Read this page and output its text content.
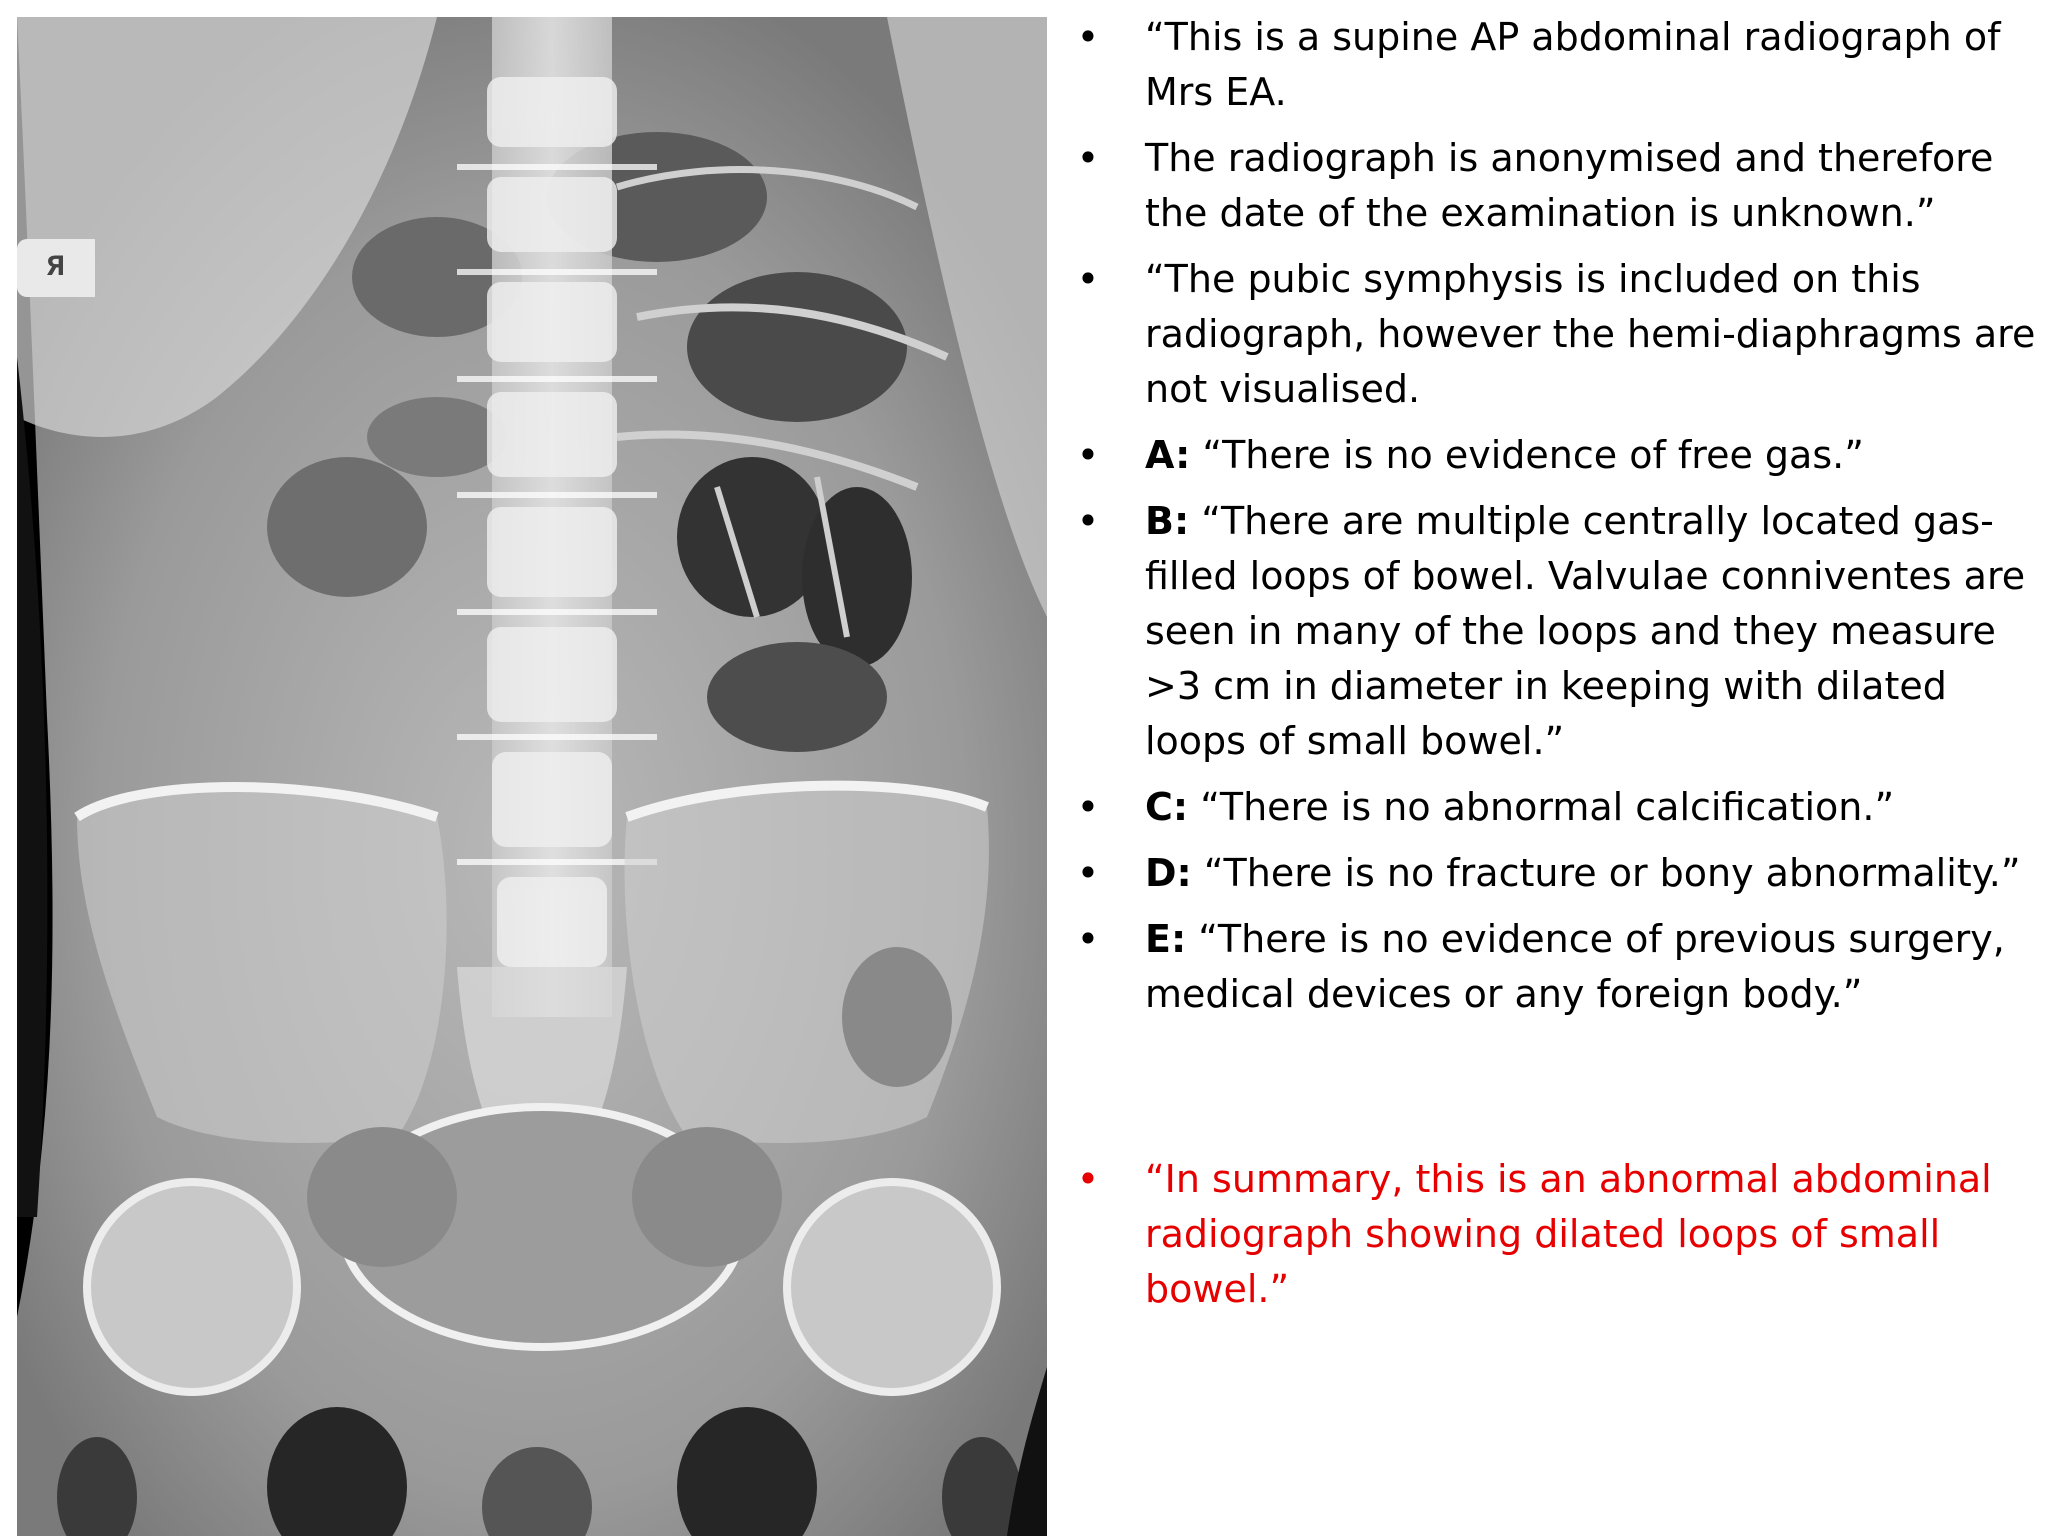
R
• “This is a supine AP abdominal radiograph of Mrs EA.
• The radiograph is anonymised and therefore the date of the examination is unknown.”
• “The pubic symphysis is included on this radiograph, however the hemi-diaphragms are not visualised.
• A: “There is no evidence of free gas.”
• B: “There are multiple centrally located gas-filled loops of bowel. Valvulae conniventes are seen in many of the loops and they measure >3 cm in diameter in keeping with dilated loops of small bowel.”
• C: “There is no abnormal calcification.”
• D: “There is no fracture or bony abnormality.”
• E: “There is no evidence of previous surgery, medical devices or any foreign body.”
• “In summary, this is an abnormal abdominal radiograph showing dilated loops of small bowel.”
